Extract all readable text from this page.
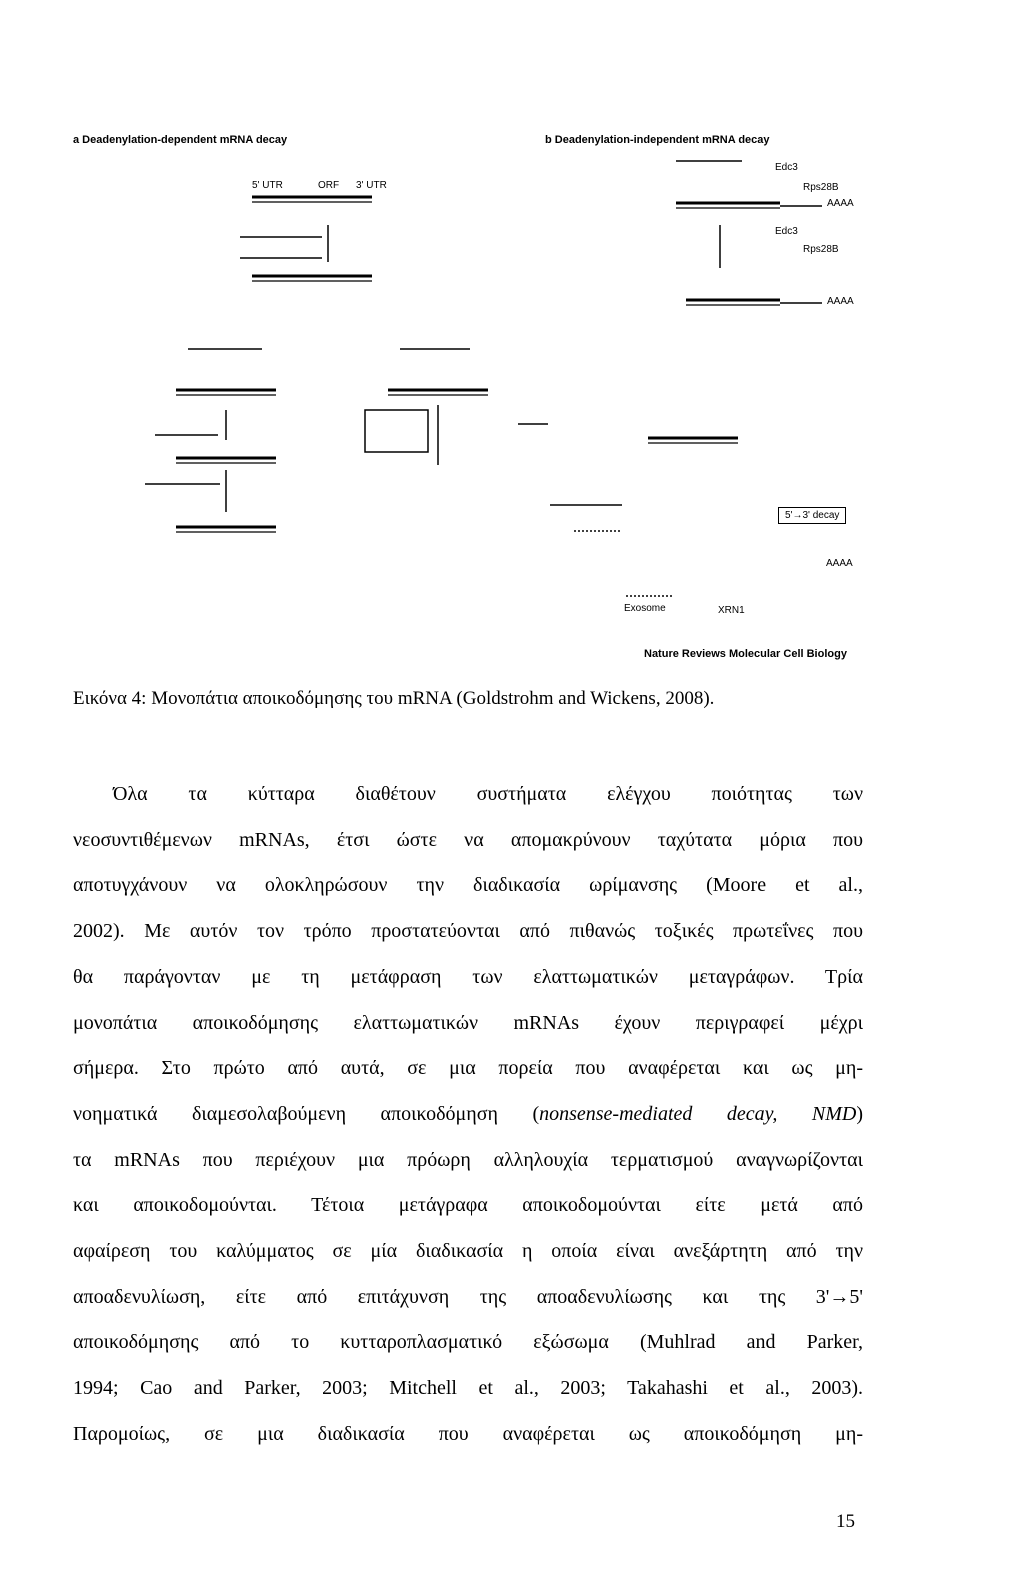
a Deadenylation-dependent mRNA decay	b Deadenylation-independent mRNA decay
5' UTR	ORF 3' UTR
Edc3
Rps28B
AAAA
Edc3
Rps28B
AAAA
5'→3' decay
AAAA
Exosome	XRN1
Nature Reviews Molecular Cell Biology
Εικόνα 4: Μονοπάτια αποικοδόμησης του mRNA (Goldstrohm and Wickens, 2008).
Όλα τα κύτταρα διαθέτουν συστήματα ελέγχου ποιότητας των
νεοσυντιθέμενων mRNAs, έτσι ώστε να απομακρύνουν ταχύτατα μόρια που
αποτυγχάνουν να ολοκληρώσουν την διαδικασία ωρίμανσης (Moore et al.,
2002). Με αυτόν τον τρόπο προστατεύονται από πιθανώς τοξικές πρωτεΐνες που
θα παράγονταν με τη μετάφραση των ελαττωματικών μεταγράφων. Τρία
μονοπάτια αποικοδόμησης ελαττωματικών mRNAs έχουν περιγραφεί μέχρι
σήμερα. Στο πρώτο από αυτά, σε μια πορεία που αναφέρεται και ως μη-
νοηματικά διαμεσολαβούμενη αποικοδόμηση (nonsense-mediated decay, NMD)
τα mRNAs που περιέχουν μια πρόωρη αλληλουχία τερματισμού αναγνωρίζονται
και αποικοδομούνται. Τέτοια μετάγραφα αποικοδομούνται είτε μετά από
αφαίρεση του καλύμματος σε μία διαδικασία η οποία είναι ανεξάρτητη από την
αποαδενυλίωση, είτε από επιτάχυνση της αποαδενυλίωσης και της 3'→5'
αποικοδόμησης από το κυτταροπλασματικό εξώσωμα (Muhlrad and Parker,
1994; Cao and Parker, 2003; Mitchell et al., 2003; Takahashi et al., 2003).
Παρομοίως, σε μια διαδικασία που αναφέρεται ως αποικοδόμηση μη-
15
